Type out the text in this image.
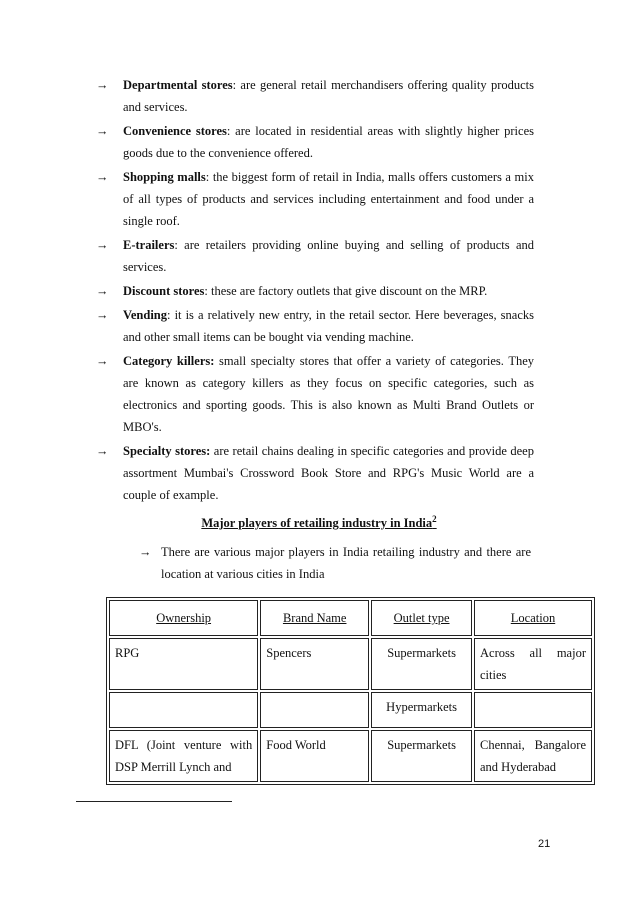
→	Departmental stores: are general retail merchandisers offering quality products and services.
→	Convenience stores: are located in residential areas with slightly higher prices goods due to the convenience offered.
→	Shopping malls: the biggest form of retail in India, malls offers customers a mix of all types of products and services including entertainment and food under a single roof.
→	E-trailers: are retailers providing online buying and selling of products and services.
→	Discount stores: these are factory outlets that give discount on the MRP.
→	Vending: it is a relatively new entry, in the retail sector. Here beverages, snacks and other small items can be bought via vending machine.
→	Category killers: small specialty stores that offer a variety of categories. They are known as category killers as they focus on specific categories, such as electronics and sporting goods. This is also known as Multi Brand Outlets or MBO's.
→	Specialty stores: are retail chains dealing in specific categories and provide deep assortment Mumbai's Crossword Book Store and RPG's Music World are a couple of example.
Major players of retailing industry in India$^2$
→ There are various major players in India retailing industry and there are location at various cities in India
Ownership	Brand Name	Outlet type	Location
RPG	Spencers	Supermarkets	Across all major cities
		Hypermarkets	
DFL (Joint venture with DSP Merrill Lynch and	Food World	Supermarkets	Chennai, Bangalore and Hyderabad
21
